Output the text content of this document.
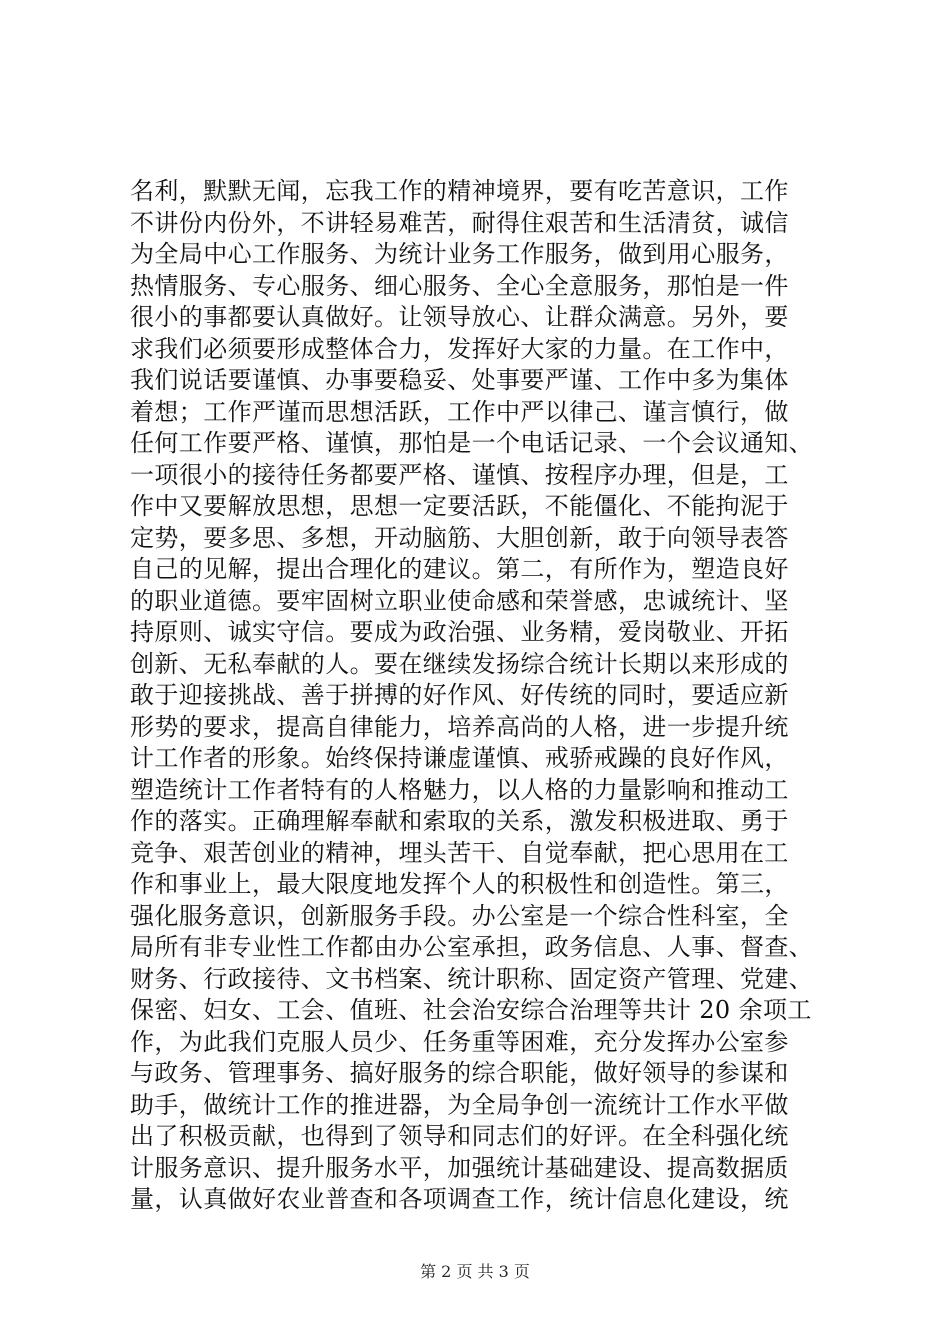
名利，默默无闻，忘我工作的精神境界，要有吃苦意识，工作
不讲份内份外，不讲轻易难苦，耐得住艰苦和生活清贫，诚信
为全局中心工作服务、为统计业务工作服务，做到用心服务，
热情服务、专心服务、细心服务、全心全意服务，那怕是一件
很小的事都要认真做好。让领导放心、让群众满意。另外，要
求我们必须要形成整体合力，发挥好大家的力量。在工作中，
我们说话要谨慎、办事要稳妥、处事要严谨、工作中多为集体
着想；工作严谨而思想活跃，工作中严以律己、谨言慎行，做
任何工作要严格、谨慎，那怕是一个电话记录、一个会议通知、
一项很小的接待任务都要严格、谨慎、按程序办理，但是，工
作中又要解放思想，思想一定要活跃，不能僵化、不能拘泥于
定势，要多思、多想，开动脑筋、大胆创新，敢于向领导表答
自己的见解，提出合理化的建议。第二，有所作为，塑造良好
的职业道德。要牢固树立职业使命感和荣誉感，忠诚统计、坚
持原则、诚实守信。要成为政治强、业务精，爱岗敬业、开拓
创新、无私奉献的人。要在继续发扬综合统计长期以来形成的
敢于迎接挑战、善于拼搏的好作风、好传统的同时，要适应新
形势的要求，提高自律能力，培养高尚的人格，进一步提升统
计工作者的形象。始终保持谦虚谨慎、戒骄戒躁的良好作风，
塑造统计工作者特有的人格魅力，以人格的力量影响和推动工
作的落实。正确理解奉献和索取的关系，激发积极进取、勇于
竞争、艰苦创业的精神，埋头苦干、自觉奉献，把心思用在工
作和事业上，最大限度地发挥个人的积极性和创造性。第三，
强化服务意识，创新服务手段。办公室是一个综合性科室，全
局所有非专业性工作都由办公室承担，政务信息、人事、督查、
财务、行政接待、文书档案、统计职称、固定资产管理、党建、
保密、妇女、工会、值班、社会治安综合治理等共计 20 余项工
作，为此我们克服人员少、任务重等困难，充分发挥办公室参
与政务、管理事务、搞好服务的综合职能，做好领导的参谋和
助手，做统计工作的推进器，为全局争创一流统计工作水平做
出了积极贡献，也得到了领导和同志们的好评。在全科强化统
计服务意识、提升服务水平，加强统计基础建设、提高数据质
量，认真做好农业普查和各项调查工作，统计信息化建设，统
第 2 页 共 3 页
